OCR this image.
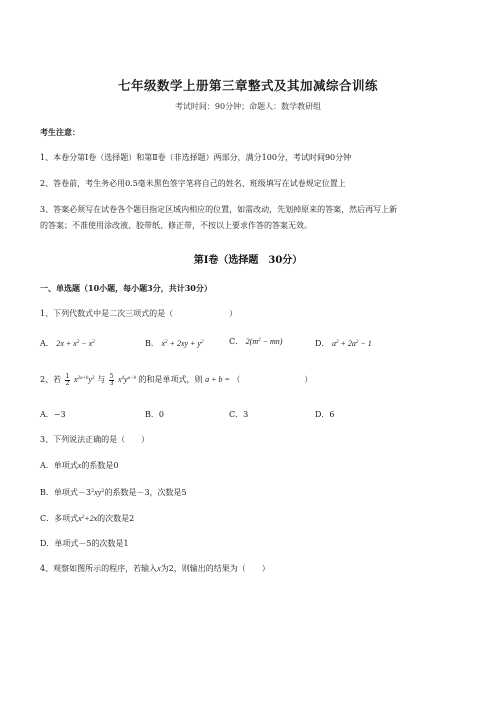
七年级数学上册第三章整式及其加减综合训练
考试时间：90分钟；命题人：数学教研组
考生注意：
1、本卷分第I卷（选择题）和第Ⅱ卷（非选择题）两部分，满分100分，考试时间90分钟
2、答卷前，考生务必用0.5毫米黑色签字笔将自己的姓名、班级填写在试卷规定位置上
3、答案必须写在试卷各个题目指定区域内相应的位置，如需改动，先划掉原来的答案，然后再写上新
的答案；不准使用涂改液、胶带纸、修正带，不按以上要求作答的答案无效。
第Ⅰ卷（选择题　30分）
一、单选题（10小题，每小题3分，共计30分）
1、下列代数式中是二次三项式的是（　　　　　　　）
A． $2x + x^2 - x^2$	B． $x^2 + 2xy + y^2$	C． $2(m^2 - mn)$	D． $a^2 + 2a^2 - 1$
2、若 $\frac{1}{2} x^{2a+b}y^3$ 与 $\frac{5}{3} x^4y^{a-b}$ 的和是单项式，则 a + b = （　　　　　　　　）
A．−3	B．0	C．3	D．6
3、下列说法正确的是（　　）
A．单项式x的系数是0
B．单项式$-3^2xy^2$的系数是－3，次数是5
C．多项式$x^2+2x$的次数是2
D．单项式－5的次数是1
4、观察如图所示的程序，若输入x为2，则输出的结果为（　　）
